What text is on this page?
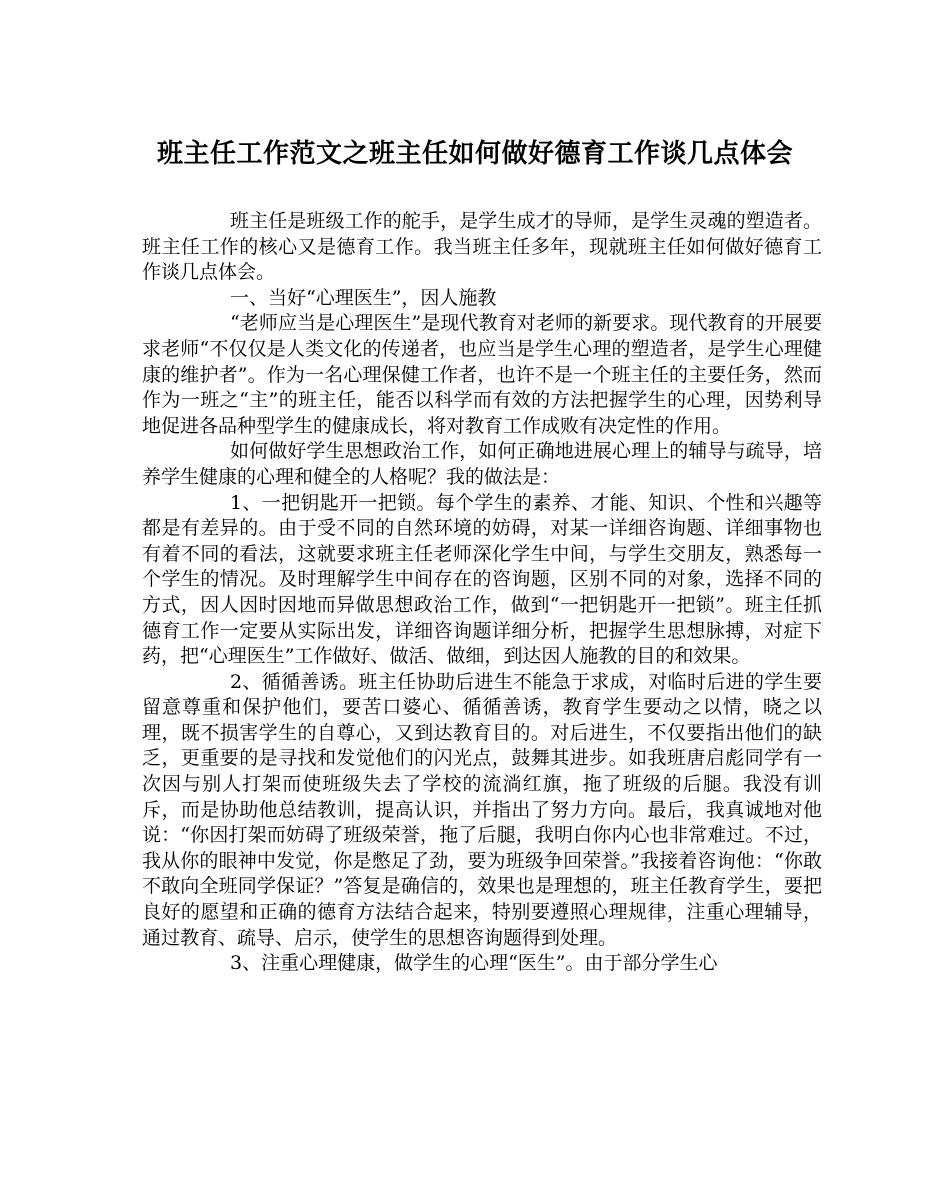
班主任工作范文之班主任如何做好德育工作谈几点体会

班主任是班级工作的舵手，是学生成才的导师，是学生灵魂的塑造者。班主任工作的核心又是德育工作。我当班主任多年，现就班主任如何做好德育工作谈几点体会。

一、当好“心理医生”，因人施教

“老师应当是心理医生”是现代教育对老师的新要求。现代教育的开展要求老师“不仅仅是人类文化的传递者，也应当是学生心理的塑造者，是学生心理健康的维护者”。作为一名心理保健工作者，也许不是一个班主任的主要任务，然而作为一班之“主”的班主任，能否以科学而有效的方法把握学生的心理，因势利导地促进各品种型学生的健康成长，将对教育工作成败有决定性的作用。

如何做好学生思想政治工作，如何正确地进展心理上的辅导与疏导，培养学生健康的心理和健全的人格呢？我的做法是：

1、一把钥匙开一把锁。每个学生的素养、才能、知识、个性和兴趣等都是有差异的。由于受不同的自然环境的妨碍，对某一详细咨询题、详细事物也有着不同的看法，这就要求班主任老师深化学生中间，与学生交朋友，熟悉每一个学生的情况。及时理解学生中间存在的咨询题，区别不同的对象，选择不同的方式，因人因时因地而异做思想政治工作，做到“一把钥匙开一把锁”。班主任抓德育工作一定要从实际出发，详细咨询题详细分析，把握学生思想脉搏，对症下药，把“心理医生”工作做好、做活、做细，到达因人施教的目的和效果。

2、循循善诱。班主任协助后进生不能急于求成，对临时后进的学生要留意尊重和保护他们，要苦口婆心、循循善诱，教育学生要动之以情，晓之以理，既不损害学生的自尊心，又到达教育目的。对后进生，不仅要指出他们的缺乏，更重要的是寻找和发觉他们的闪光点，鼓舞其进步。如我班唐启彪同学有一次因与别人打架而使班级失去了学校的流淌红旗，拖了班级的后腿。我没有训斥，而是协助他总结教训，提高认识，并指出了努力方向。最后，我真诚地对他说：“你因打架而妨碍了班级荣誉，拖了后腿，我明白你内心也非常难过。不过，我从你的眼神中发觉，你是憋足了劲，要为班级争回荣誉。”我接着咨询他：“你敢不敢向全班同学保证？”答复是确信的，效果也是理想的，班主任教育学生，要把良好的愿望和正确的德育方法结合起来，特别要遵照心理规律，注重心理辅导，通过教育、疏导、启示，使学生的思想咨询题得到处理。

3、注重心理健康，做学生的心理“医生”。由于部分学生心
